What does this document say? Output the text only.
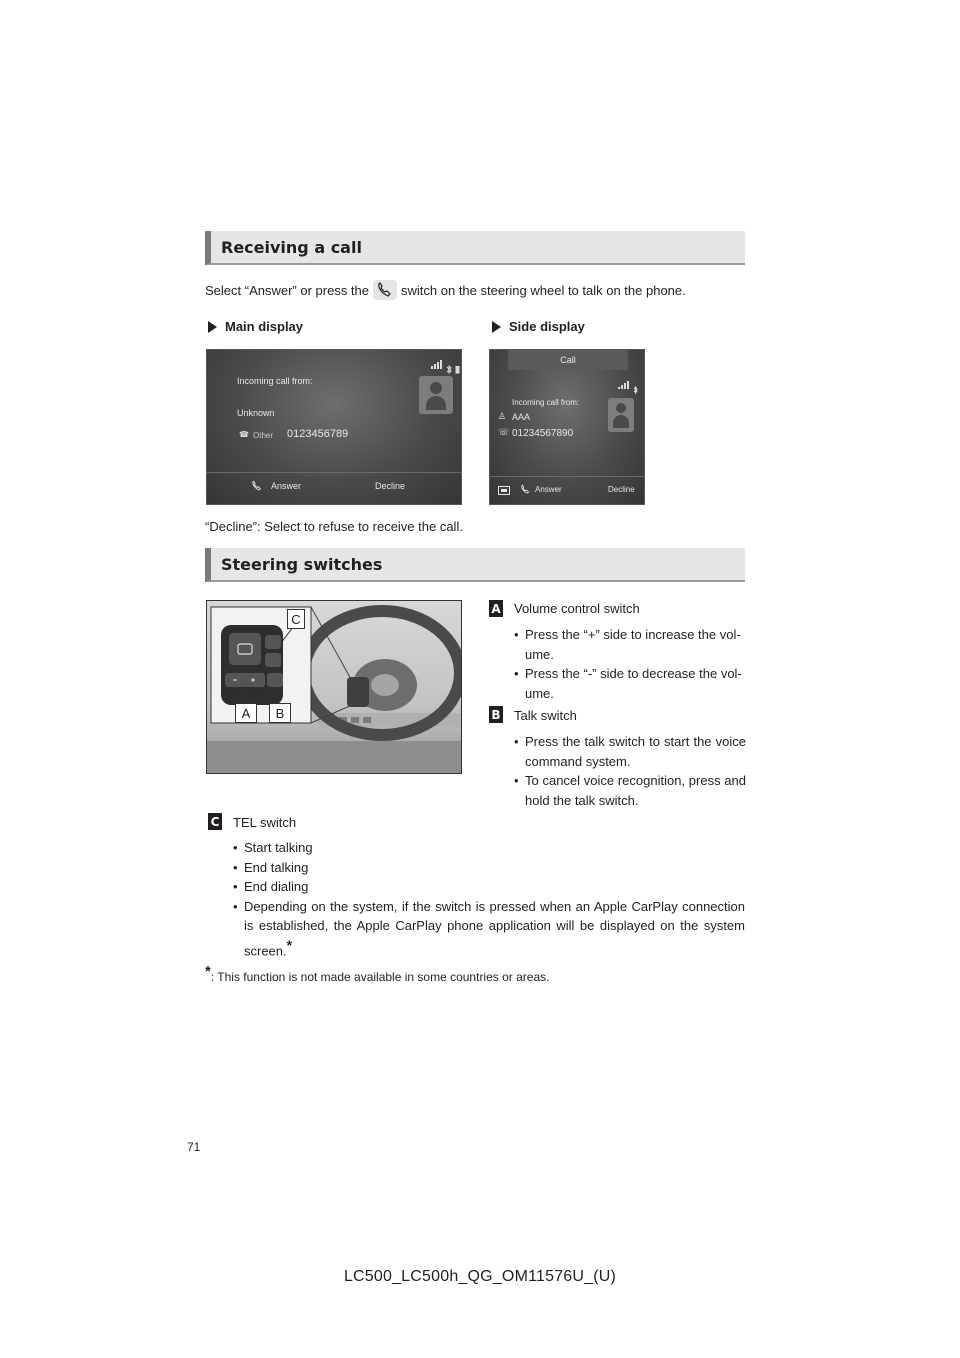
Receiving a call
Select “Answer” or press the switch on the steering wheel to talk on the phone.
Main display	Side display
Incoming call from:
Unknown
☎ Other 0123456789
Answer	Decline
Call
Incoming call from:
♙ AAA
☏ 01234567890
Answer	Decline
“Decline”: Select to refuse to receive the call.
Steering switches
C
A	B
A Volume control switch
• Press the “+” side to increase the vol-ume.
• Press the “-” side to decrease the vol-ume.
B Talk switch
• Press the talk switch to start the voice command system.
• To cancel voice recognition, press and hold the talk switch.
C TEL switch
• Start talking
• End talking
• End dialing
• Depending on the system, if the switch is pressed when an Apple CarPlay connection is established, the Apple CarPlay phone application will be displayed on the system screen.*
*: This function is not made available in some countries or areas.
71
LC500_LC500h_QG_OM11576U_(U)
